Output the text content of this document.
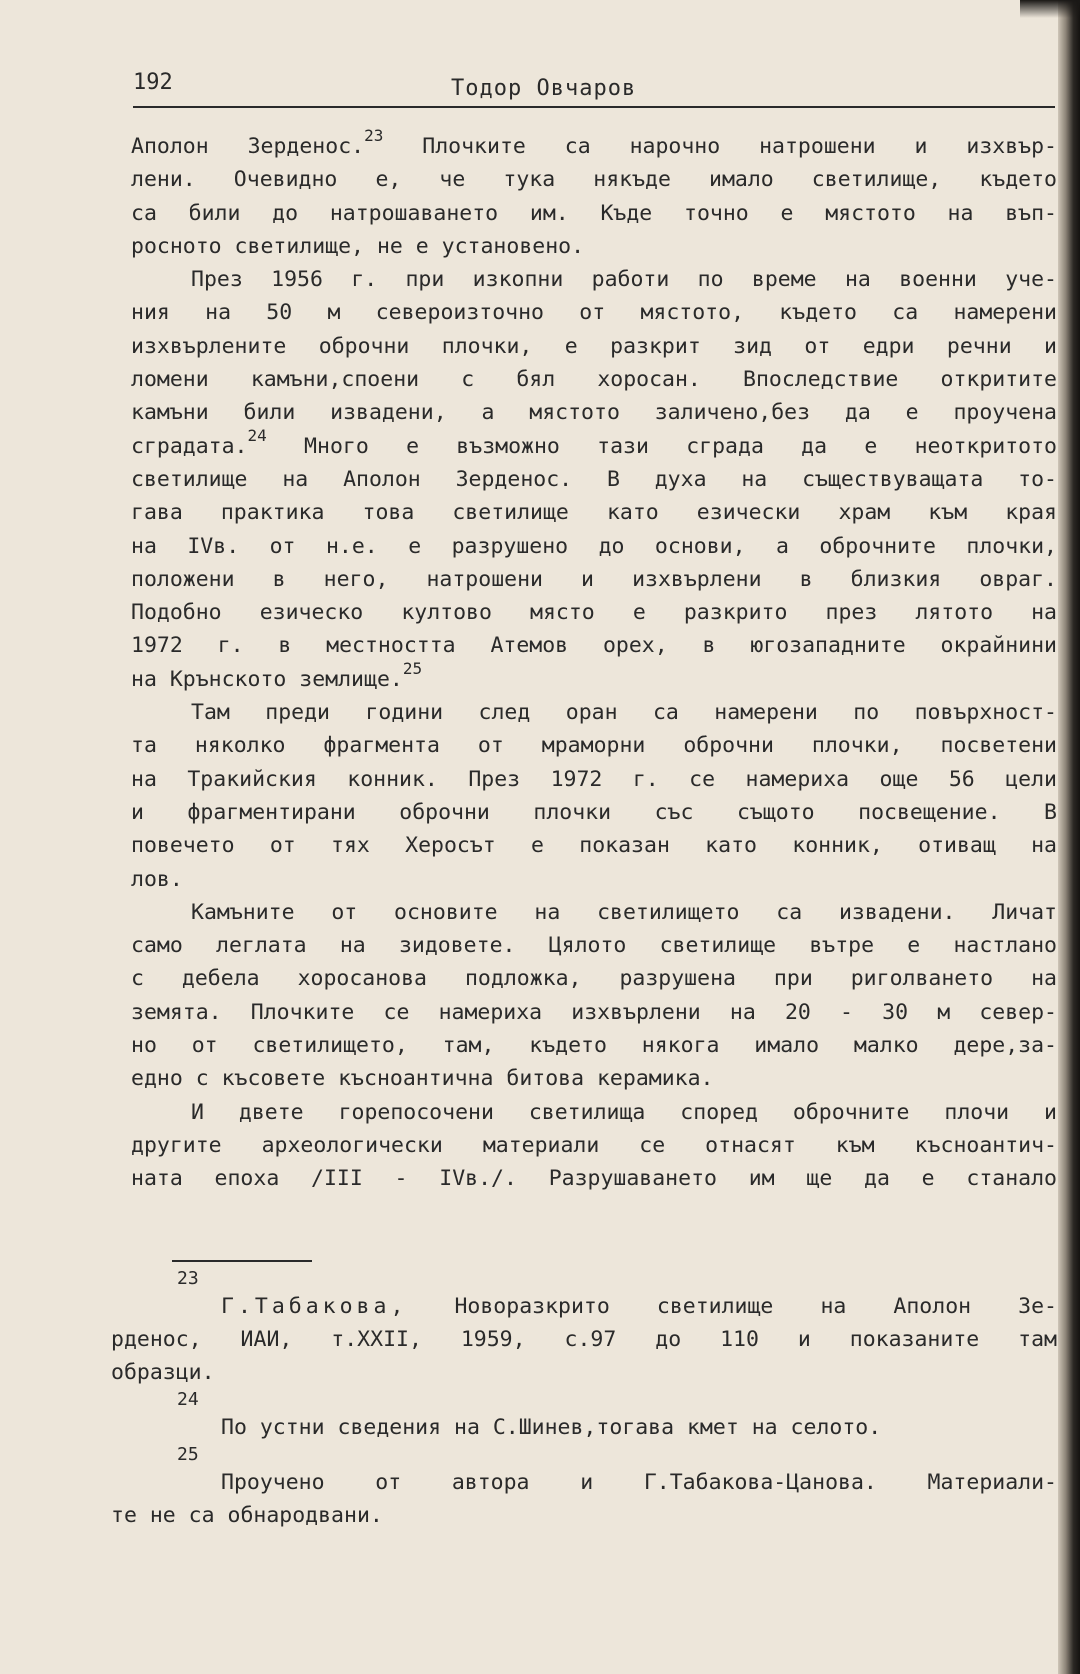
192	Тодор Овчаров
Аполон Зерденос.$^{23}$ Плочките са нарочно натрошени и изхвър-
лени. Очевидно е, че тука някъде имало светилище, където
са били до натрошаването им. Къде точно е мястото на въп-
росното светилище, не е установено.
През 1956 г. при изкопни работи по време на военни уче-
ния на 50 м североизточно от мястото, където са намерени
изхвърлените оброчни плочки, е разкрит зид от едри речни и
ломени камъни,споени с бял хоросан. Впоследствие откритите
камъни били извадени, а мястото заличено,без да е проучена
сградата.$^{24}$ Много е възможно тази сграда да е неоткритото
светилище на Аполон Зерденос. В духа на съществуващата то-
гава практика това светилище като езически храм към края
на IVв. от н.е. е разрушено до основи, а оброчните плочки,
положени в него, натрошени и изхвърлени в близкия овраг.
Подобно езическо култово място е разкрито през лятото на
1972 г. в местността Атемов орех, в югозападните окрайнини
на Крънското землище.$^{25}$
Там преди години след оран са намерени по повърхност-
та няколко фрагмента от мраморни оброчни плочки, посветени
на Тракийския конник. През 1972 г. се намериха още 56 цели
и фрагментирани оброчни плочки със същото посвещение. В
повечето от тях Херосът е показан като конник, отиващ на
лов.
Камъните от основите на светилището са извадени. Личат
само леглата на зидовете. Цялото светилище вътре е настлано
с дебела хоросанова подложка, разрушена при риголването на
земята. Плочките се намериха изхвърлени на 20 - 30 м север-
но от светилището, там, където някога имало малко дере,за-
едно с късовете късноантична битова керамика.
И двете горепосочени светилища според оброчните плочи и
другите археологически материали се отнасят към късноантич-
ната епоха /III - IVв./. Разрушаването им ще да е станало
23
Г.Табакова, Новоразкрито светилище на Аполон Зе-
рденос, ИАИ, т.XXII, 1959, с.97 до 110 и показаните там
образци.
24
По устни сведения на С.Шинев,тогава кмет на селото.
25
Проучено от автора и Г.Табакова-Цанова. Материали-
те не са обнародвани.
